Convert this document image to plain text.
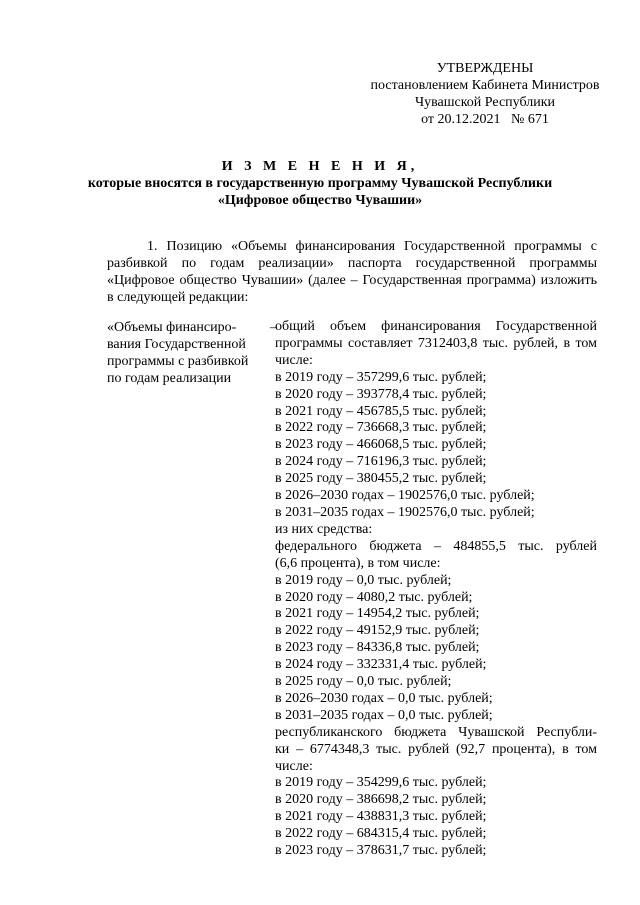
УТВЕРЖДЕНЫ
постановлением Кабинета Министров
Чувашской Республики
от 20.12.2021   № 671
И З М Е Н Е Н И Я,
которые вносятся в государственную программу Чувашской Республики
«Цифровое общество Чувашии»
1. Позицию «Объемы финансирования Государственной программы с разбивкой по годам реализации» паспорта государственной программы «Цифровое общество Чувашии» (далее – Государственная программа) изложить в следующей редакции:
«Объемы финансиро- –
вания Государственной
программы с разбивкой
по годам реализации
общий объем финансирования Государственной
программы составляет 7312403,8 тыс. рублей, в том
числе:
в 2019 году – 357299,6 тыс. рублей;
в 2020 году – 393778,4 тыс. рублей;
в 2021 году – 456785,5 тыс. рублей;
в 2022 году – 736668,3 тыс. рублей;
в 2023 году – 466068,5 тыс. рублей;
в 2024 году – 716196,3 тыс. рублей;
в 2025 году – 380455,2 тыс. рублей;
в 2026–2030 годах – 1902576,0 тыс. рублей;
в 2031–2035 годах – 1902576,0 тыс. рублей;
из них средства:
федерального бюджета – 484855,5 тыс. рублей
(6,6 процента), в том числе:
в 2019 году – 0,0 тыс. рублей;
в 2020 году – 4080,2 тыс. рублей;
в 2021 году – 14954,2 тыс. рублей;
в 2022 году – 49152,9 тыс. рублей;
в 2023 году – 84336,8 тыс. рублей;
в 2024 году – 332331,4 тыс. рублей;
в 2025 году – 0,0 тыс. рублей;
в 2026–2030 годах – 0,0 тыс. рублей;
в 2031–2035 годах – 0,0 тыс. рублей;
республиканского бюджета Чувашской Республи-
ки – 6774348,3 тыс. рублей (92,7 процента), в том
числе:
в 2019 году – 354299,6 тыс. рублей;
в 2020 году – 386698,2 тыс. рублей;
в 2021 году – 438831,3 тыс. рублей;
в 2022 году – 684315,4 тыс. рублей;
в 2023 году – 378631,7 тыс. рублей;
